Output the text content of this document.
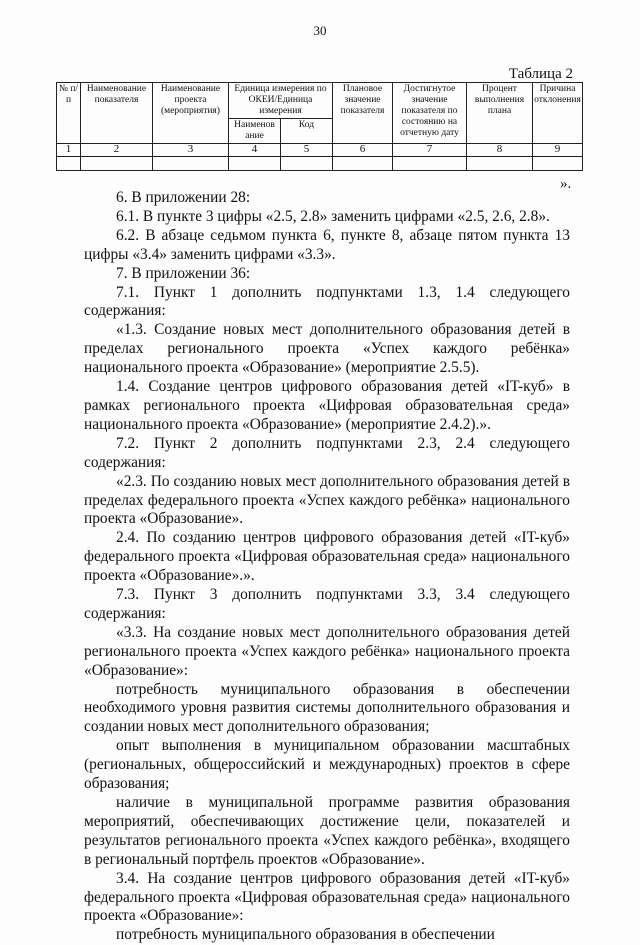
30
Таблица 2
№ п/п	Наименование показателя	Наименование проекта (мероприятия)	Единица измерения по ОКЕИ/Единица измерения		Плановое значение показателя	Достигнутое значение показателя по состоянию на отчетную дату	Процент выполнения плана	Причина отклонения
			Наименов ание	Код				
1	2	3	4	5	6	7	8	9

».

6. В приложении 28:

6.1. В пункте 3 цифры «2.5, 2.8» заменить цифрами «2.5, 2.6, 2.8».

6.2. В абзаце седьмом пункта 6, пункте 8, абзаце пятом пункта 13 цифры «3.4» заменить цифрами «3.3».

7. В приложении 36:

7.1. Пункт 1 дополнить подпунктами 1.3, 1.4 следующего содержания:

«1.3. Создание новых мест дополнительного образования детей в пределах регионального проекта «Успех каждого ребёнка» национального проекта «Образование» (мероприятие 2.5.5).

1.4. Создание центров цифрового образования детей «IT-куб» в рамках регионального проекта «Цифровая образовательная среда» национального проекта «Образование» (мероприятие 2.4.2).».

7.2. Пункт 2 дополнить подпунктами 2.3, 2.4 следующего содержания:

«2.3. По созданию новых мест дополнительного образования детей в пределах федерального проекта «Успех каждого ребёнка» национального проекта «Образование».

2.4. По созданию центров цифрового образования детей «IT-куб» федерального проекта «Цифровая образовательная среда» национального проекта «Образование».».

7.3. Пункт 3 дополнить подпунктами 3.3, 3.4 следующего содержания:

«3.3. На создание новых мест дополнительного образования детей регионального проекта «Успех каждого ребёнка» национального проекта «Образование»:

потребность муниципального образования в обеспечении необходимого уровня развития системы дополнительного образования и создании новых мест дополнительного образования;

опыт выполнения в муниципальном образовании масштабных (региональных, общероссийский и международных) проектов в сфере образования;

наличие в муниципальной программе развития образования мероприятий, обеспечивающих достижение цели, показателей и результатов регионального проекта «Успех каждого ребёнка», входящего в региональный портфель проектов «Образование».

3.4. На создание центров цифрового образования детей «IT-куб» федерального проекта «Цифровая образовательная среда» национального проекта «Образование»:

потребность муниципального образования в обеспечении
